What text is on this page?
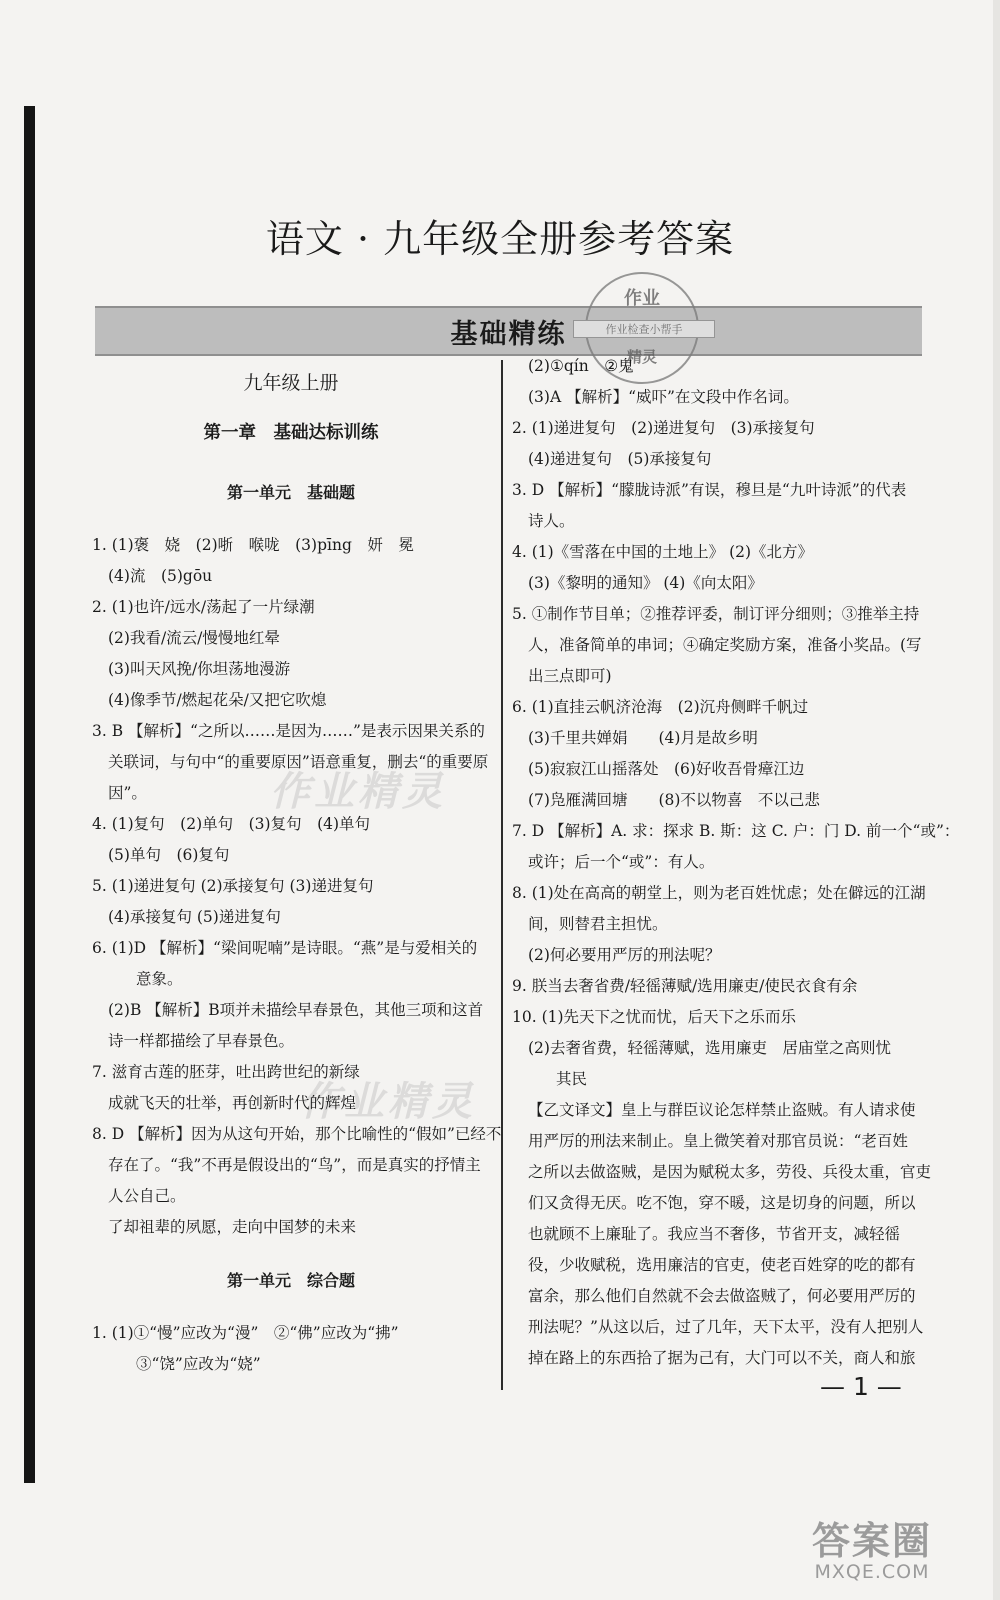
语文 · 九年级全册参考答案
基础精练
作业
作业检查小帮手
精灵
作业精灵
作业精灵
九年级上册
第一章　基础达标训练
第一单元　基础题
1. (1)褒　娆　(2)哳　喉咙　(3)pīng　妍　冕
(4)流　(5)gōu
2. (1)也许/远水/荡起了一片绿潮
(2)我看/流云/慢慢地红晕
(3)叫天风挽/你坦荡地漫游
(4)像季节/燃起花朵/又把它吹熄
3. B 【解析】“之所以……是因为……”是表示因果关系的
关联词，与句中“的重要原因”语意重复，删去“的重要原
因”。
4. (1)复句　(2)单句　(3)复句　(4)单句
(5)单句　(6)复句
5. (1)递进复句 (2)承接复句 (3)递进复句
(4)承接复句 (5)递进复句
6. (1)D 【解析】“梁间呢喃”是诗眼。“燕”是与爱相关的
意象。
(2)B 【解析】B项并未描绘早春景色，其他三项和这首
诗一样都描绘了早春景色。
7. 滋育古莲的胚芽，吐出跨世纪的新绿
成就飞天的壮举，再创新时代的辉煌
8. D 【解析】因为从这句开始，那个比喻性的“假如”已经不
存在了。“我”不再是假设出的“鸟”，而是真实的抒情主
人公自己。
了却祖辈的夙愿，走向中国梦的未来
第一单元　综合题
1. (1)①“慢”应改为“漫”　②“佛”应改为“拂”
③“饶”应改为“娆”
(2)①qín　②鬼
(3)A 【解析】“威吓”在文段中作名词。
2. (1)递进复句　(2)递进复句　(3)承接复句
(4)递进复句　(5)承接复句
3. D 【解析】“朦胧诗派”有误，穆旦是“九叶诗派”的代表
诗人。
4. (1)《雪落在中国的土地上》 (2)《北方》
(3)《黎明的通知》 (4)《向太阳》
5. ①制作节目单；②推荐评委，制订评分细则；③推举主持
人，准备简单的串词；④确定奖励方案，准备小奖品。(写
出三点即可)
6. (1)直挂云帆济沧海　(2)沉舟侧畔千帆过
(3)千里共婵娟　　(4)月是故乡明
(5)寂寂江山摇落处　(6)好收吾骨瘴江边
(7)凫雁满回塘　　(8)不以物喜　不以己悲
7. D 【解析】A. 求：探求 B. 斯：这 C. 户：门 D. 前一个“或”：
或许；后一个“或”：有人。
8. (1)处在高高的朝堂上，则为老百姓忧虑；处在僻远的江湖
间，则替君主担忧。
(2)何必要用严厉的刑法呢？
9. 朕当去奢省费/轻徭薄赋/选用廉吏/使民衣食有余
10. (1)先天下之忧而忧，后天下之乐而乐
(2)去奢省费，轻徭薄赋，选用廉吏　居庙堂之高则忧
其民
【乙文译文】皇上与群臣议论怎样禁止盗贼。有人请求使
用严厉的刑法来制止。皇上微笑着对那官员说：“老百姓
之所以去做盗贼，是因为赋税太多，劳役、兵役太重，官吏
们又贪得无厌。吃不饱，穿不暖，这是切身的问题，所以
也就顾不上廉耻了。我应当不奢侈，节省开支，减轻徭
役，少收赋税，选用廉洁的官吏，使老百姓穿的吃的都有
富余，那么他们自然就不会去做盗贼了，何必要用严厉的
刑法呢？”从这以后，过了几年，天下太平，没有人把别人
掉在路上的东西拾了据为己有，大门可以不关，商人和旅
— 1 —
答案圈
MXQE.COM
